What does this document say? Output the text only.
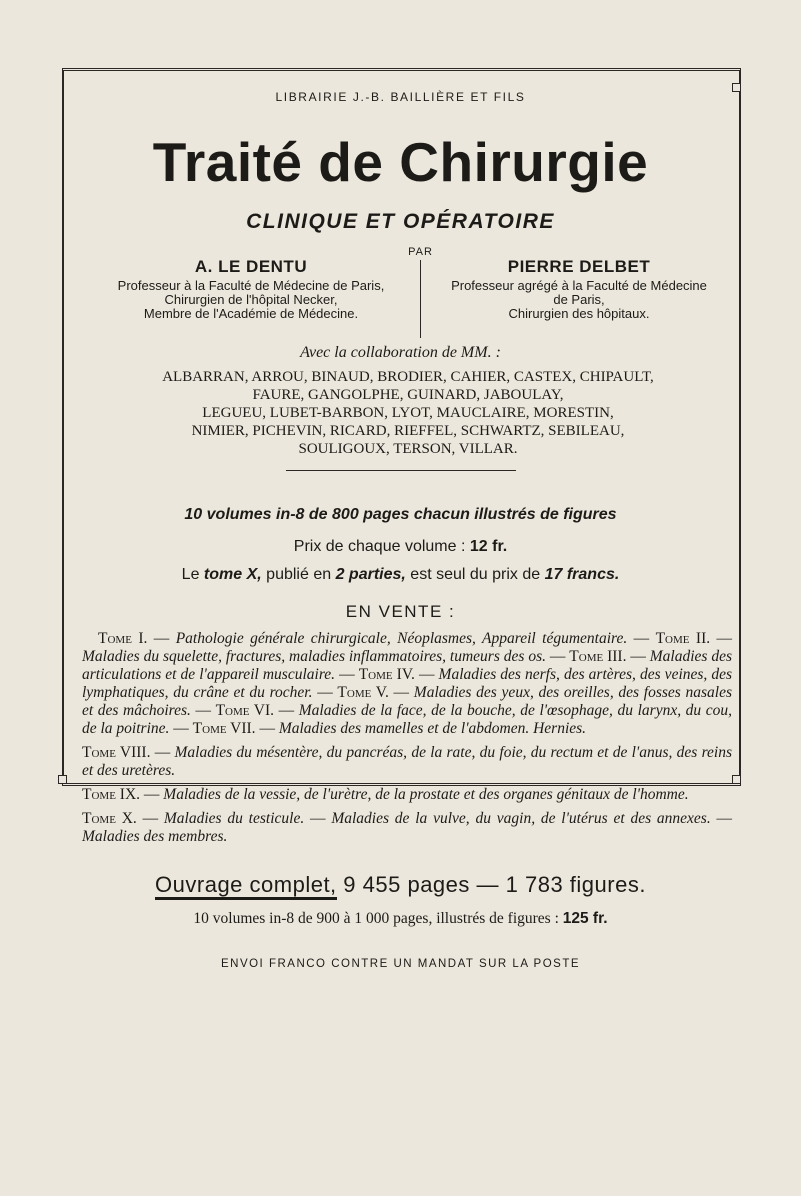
LIBRAIRIE J.-B. BAILLIÈRE ET FILS
Traité de Chirurgie
CLINIQUE ET OPÉRATOIRE
PAR
A. LE DENTU
Professeur à la Faculté de Médecine de Paris,
Chirurgien de l'hôpital Necker,
Membre de l'Académie de Médecine.
PIERRE DELBET
Professeur agrégé à la Faculté de Médecine
de Paris,
Chirurgien des hôpitaux.
Avec la collaboration de MM. :
ALBARRAN, ARROU, BINAUD, BRODIER, CAHIER, CASTEX, CHIPAULT,
FAURE, GANGOLPHE, GUINARD, JABOULAY,
LEGUEU, LUBET-BARBON, LYOT, MAUCLAIRE, MORESTIN,
NIMIER, PICHEVIN, RICARD, RIEFFEL, SCHWARTZ, SEBILEAU,
SOULIGOUX, TERSON, VILLAR.
10 volumes in-8 de 800 pages chacun illustrés de figures
Prix de chaque volume : 12 fr.
Le tome X, publié en 2 parties, est seul du prix de 17 francs.
EN VENTE :

Tome I. — Pathologie générale chirurgicale, Néoplasmes, Appareil tégumentaire. — Tome II. — Maladies du squelette, fractures, maladies inflammatoires, tumeurs des os. — Tome III. — Maladies des articulations et de l'appareil musculaire. — Tome IV. — Maladies des nerfs, des artères, des veines, des lymphatiques, du crâne et du rocher. — Tome V. — Maladies des yeux, des oreilles, des fosses nasales et des mâchoires. — Tome VI. — Maladies de la face, de la bouche, de l'œsophage, du larynx, du cou, de la poitrine. — Tome VII. — Maladies des mamelles et de l'abdomen. Hernies.

Tome VIII. — Maladies du mésentère, du pancréas, de la rate, du foie, du rectum et de l'anus, des reins et des uretères.

Tome IX. — Maladies de la vessie, de l'urètre, de la prostate et des organes génitaux de l'homme.

Tome X. — Maladies du testicule. — Maladies de la vulve, du vagin, de l'utérus et des annexes. — Maladies des membres.

Ouvrage complet, 9 455 pages — 1 783 figures.
10 volumes in-8 de 900 à 1 000 pages, illustrés de figures : 125 fr.
ENVOI FRANCO CONTRE UN MANDAT SUR LA POSTE
